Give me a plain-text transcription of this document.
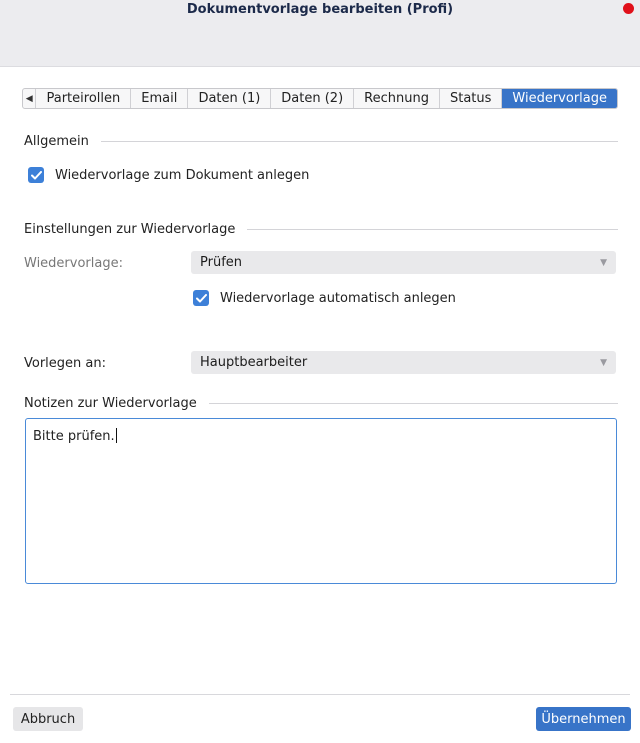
Dokumentvorlage bearbeiten (Profi)
◀	Parteirollen	Email	Daten (1)	Daten (2)	Rechnung	Status	Wiedervorlage
Allgemein
Wiedervorlage zum Dokument anlegen
Einstellungen zur Wiedervorlage
Wiedervorlage:	Prüfen	▼
Wiedervorlage automatisch anlegen
Vorlegen an:	Hauptbearbeiter	▼
Notizen zur Wiedervorlage
Bitte prüfen.
Abbruch	Übernehmen
